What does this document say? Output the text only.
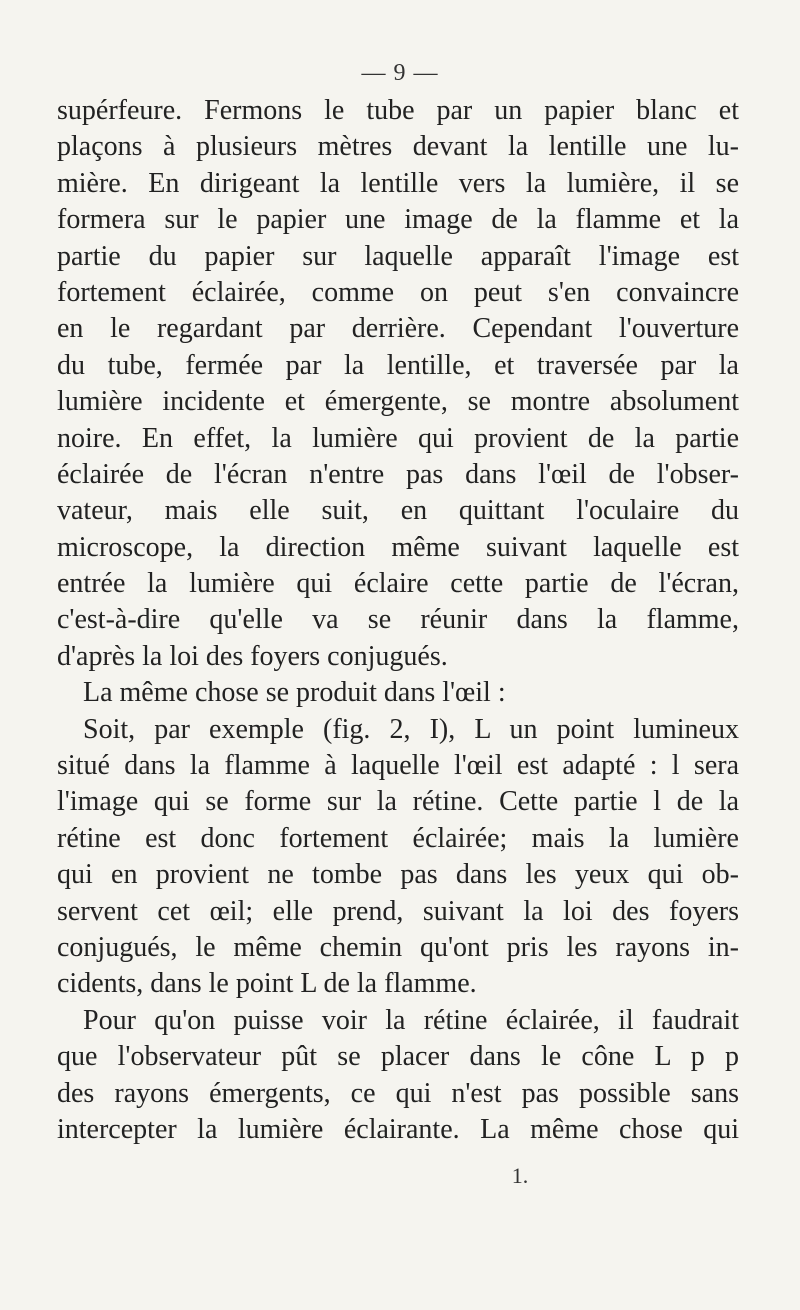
— 9 —
supérfeure. Fermons le tube par un papier blanc et
plaçons à plusieurs mètres devant la lentille une lu-
mière. En dirigeant la lentille vers la lumière, il se
formera sur le papier une image de la flamme et la
partie du papier sur laquelle apparaît l'image est
fortement éclairée, comme on peut s'en convaincre
en le regardant par derrière. Cependant l'ouverture
du tube, fermée par la lentille, et traversée par la
lumière incidente et émergente, se montre absolument
noire. En effet, la lumière qui provient de la partie
éclairée de l'écran n'entre pas dans l'œil de l'obser-
vateur, mais elle suit, en quittant l'oculaire du
microscope, la direction même suivant laquelle est
entrée la lumière qui éclaire cette partie de l'écran,
c'est-à-dire qu'elle va se réunir dans la flamme,
d'après la loi des foyers conjugués.
La même chose se produit dans l'œil :
Soit, par exemple (fig. 2, I), L un point lumineux
situé dans la flamme à laquelle l'œil est adapté : l sera
l'image qui se forme sur la rétine. Cette partie l de la
rétine est donc fortement éclairée; mais la lumière
qui en provient ne tombe pas dans les yeux qui ob-
servent cet œil; elle prend, suivant la loi des foyers
conjugués, le même chemin qu'ont pris les rayons in-
cidents, dans le point L de la flamme.
Pour qu'on puisse voir la rétine éclairée, il faudrait
que l'observateur pût se placer dans le cône L p p
des rayons émergents, ce qui n'est pas possible sans
intercepter la lumière éclairante. La même chose qui
1.
